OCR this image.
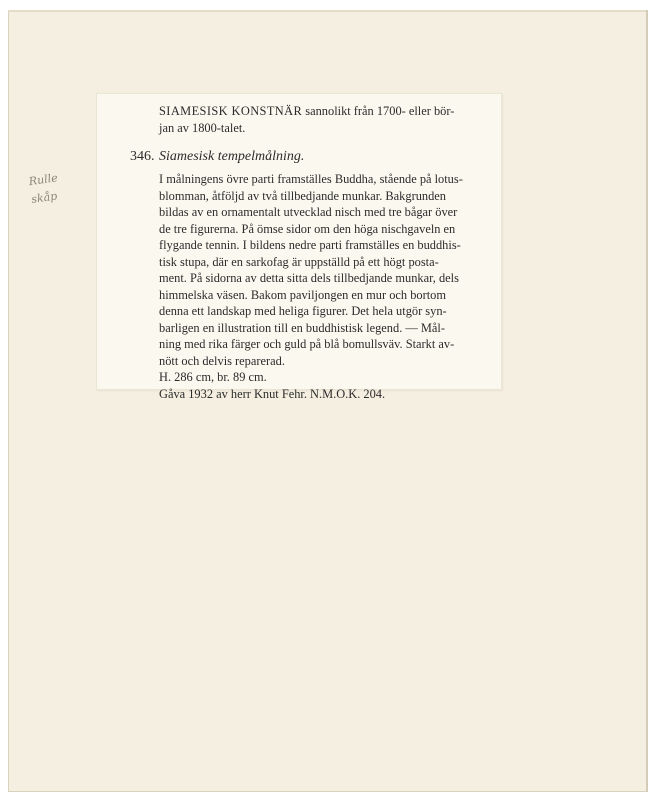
Rulle
skåp

SIAMESISK KONSTNÄR sannolikt från 1700- eller bör-
jan av 1800-talet.

346. Siamesisk tempelmålning.

I målningens övre parti framställes Buddha, stående på lotus-
blomman, åtföljd av två tillbedjande munkar. Bakgrunden
bildas av en ornamentalt utvecklad nisch med tre bågar över
de tre figurerna. På ömse sidor om den höga nischgaveln en
flygande tennin. I bildens nedre parti framställes en buddhis-
tisk stupa, där en sarkofag är uppställd på ett högt posta-
ment. På sidorna av detta sitta dels tillbedjande munkar, dels
himmelska väsen. Bakom paviljongen en mur och bortom
denna ett landskap med heliga figurer. Det hela utgör syn-
barligen en illustration till en buddhistisk legend. — Mål-
ning med rika färger och guld på blå bomullsväv. Starkt av-
nött och delvis reparerad.

H. 286 cm, br. 89 cm.
Gåva 1932 av herr Knut Fehr. N.M.O.K. 204.
